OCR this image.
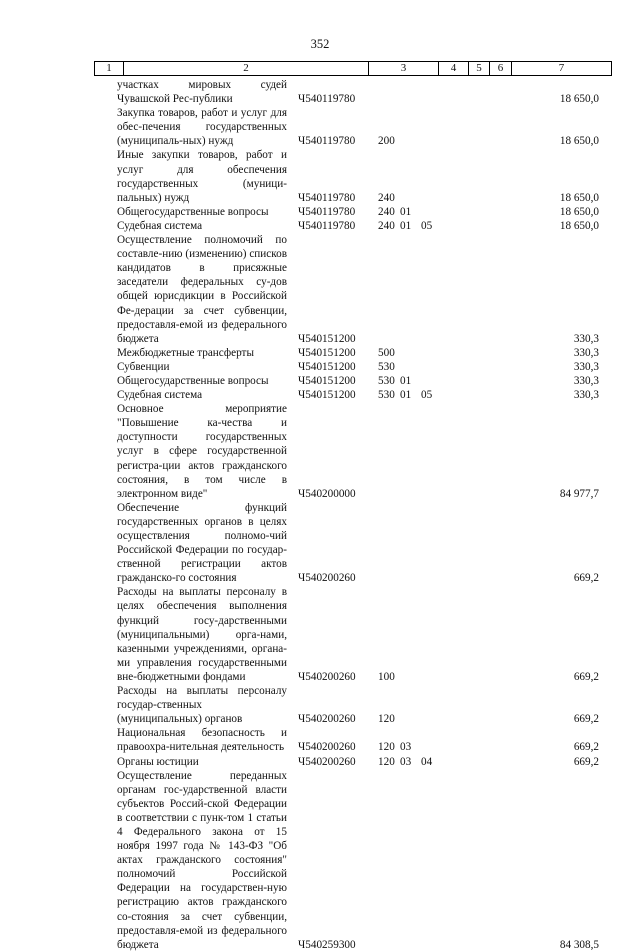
352
1	2	3	4	5	6	7
участках мировых судей Чувашской Рес-публики	Ч540119780	18 650,0
Закупка товаров, работ и услуг для обес-печения государственных (муниципаль-ных) нужд	Ч540119780	200	18 650,0
Иные закупки товаров, работ и услуг для обеспечения государственных (муници-пальных) нужд	Ч540119780	240	18 650,0
Общегосударственные вопросы	Ч540119780	240 01	18 650,0
Судебная система	Ч540119780	240 01 05	18 650,0
Осуществление полномочий по составле-нию (изменению) списков кандидатов в присяжные заседатели федеральных су-дов общей юрисдикции в Российской Фе-дерации за счет субвенции, предоставля-емой из федерального бюджета	Ч540151200	330,3
Межбюджетные трансферты	Ч540151200	500	330,3
Субвенции	Ч540151200	530	330,3
Общегосударственные вопросы	Ч540151200	530 01	330,3
Судебная система	Ч540151200	530 01 05	330,3
Основное мероприятие "Повышение ка-чества и доступности государственных услуг в сфере государственной регистра-ции актов гражданского состояния, в том числе в электронном виде"	Ч540200000	84 977,7
Обеспечение функций государственных органов в целях осуществления полномо-чий Российской Федерации по государ-ственной регистрации актов гражданско-го состояния	Ч540200260	669,2
Расходы на выплаты персоналу в целях обеспечения выполнения функций госу-дарственными (муниципальными) орга-нами, казенными учреждениями, органа-ми управления государственными вне-бюджетными фондами	Ч540200260	100	669,2
Расходы на выплаты персоналу государ-ственных (муниципальных) органов	Ч540200260	120	669,2
Национальная безопасность и правоохра-нительная деятельность	Ч540200260	120 03	669,2
Органы юстиции	Ч540200260	120 03 04	669,2
Осуществление переданных органам гос-ударственной власти субъектов Россий-ской Федерации в соответствии с пунк-том 1 статьи 4 Федерального закона от 15 ноября 1997 года № 143-ФЗ "Об актах гражданского состояния" полномочий Российской Федерации на государствен-ную регистрацию актов гражданского со-стояния за счет субвенции, предоставля-емой из федерального бюджета	Ч540259300	84 308,5
